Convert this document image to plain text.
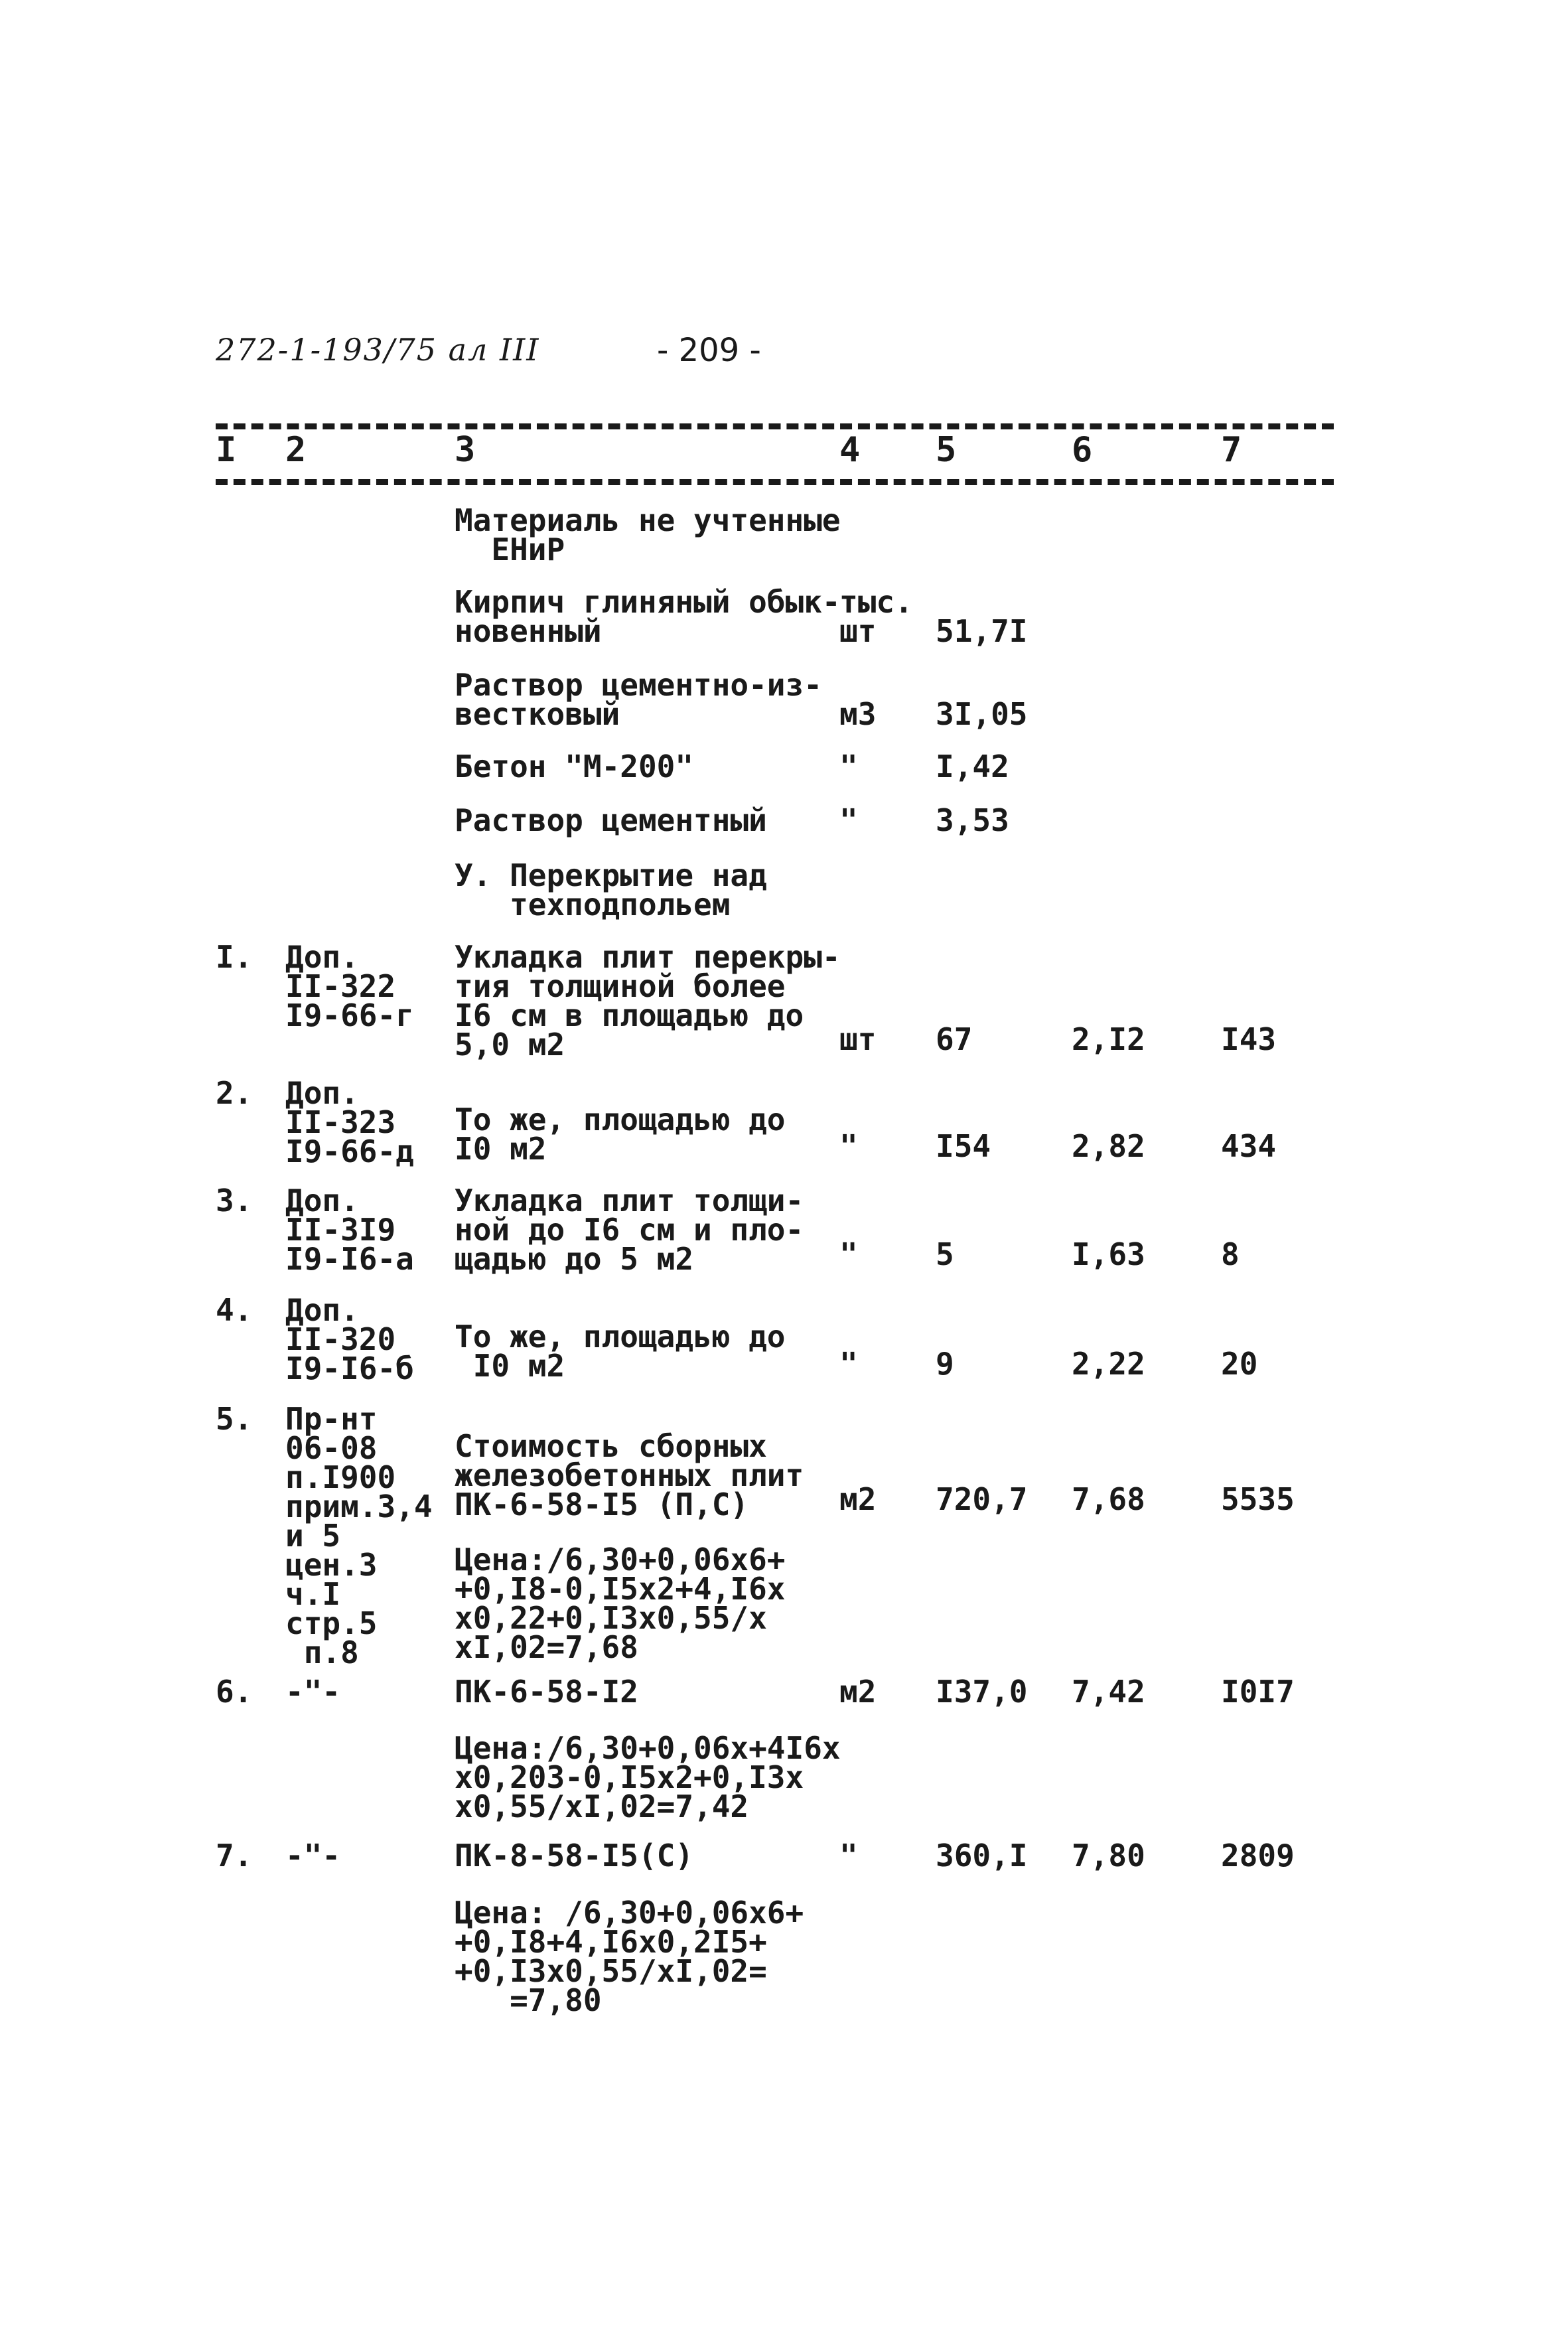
272-1-193/75 ал III	- 209 -
I 2	3	4 5	6	7
Материаль не учтенные
ЕНиР
Кирпич глиняный обык-
новенный
тыс.
шт	51,7I
Раствор цементно-из-
вестковый	м3 3I,05
Бетон "М-200"	"	I,42
Раствор цементный "	3,53
У. Перекрытие над
техподпольем
I. Доп.
II-322
I9-66-г
Укладка плит перекры-
тия толщиной более
I6 см в площадью до
5,0 м2	шт 67	2,I2 I43
2. Доп.
II-323
I9-66-д
То же, площадью до
I0 м2	"	I54	2,82 434
3. Доп.
II-3I9
I9-I6-а
Укладка плит толщи-
ной до I6 см и пло-
щадью до 5 м2	"	5	I,63 8
4. Доп.
II-320
I9-I6-б
То же, площадью до
I0 м2	"	9	2,22 20
5. Пр-нт
06-08
п.I900
прим.3,4
и 5
цен.3
ч.I
стр.5
п.8
Стоимость сборных
железобетонных плит
ПК-6-58-I5 (П,С)	м2 720,7 7,68 5535
Цена:/6,30+0,06х6+
+0,I8-0,I5х2+4,I6х
х0,22+0,I3х0,55/х
хI,02=7,68
6. -"-	ПК-6-58-I2	м2 I37,0 7,42 I0I7
Цена:/6,30+0,06х+4I6х
х0,203-0,I5х2+0,I3х
х0,55/хI,02=7,42
7. -"-	ПК-8-58-I5(С)	"	360,I 7,80 2809
Цена: /6,30+0,06х6+
+0,I8+4,I6х0,2I5+
+0,I3х0,55/хI,02=
=7,80
